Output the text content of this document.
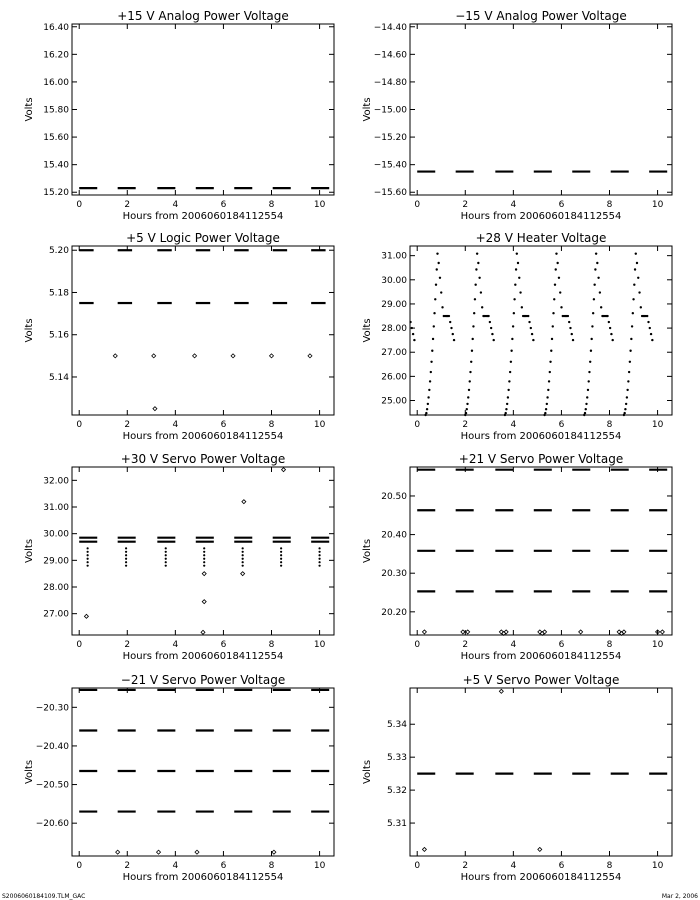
+15 V Analog Power Voltage
0	2	4	6	8	10
15.20
15.40
15.60
15.80
16.00
16.20
16.40
Hours from 2006060184112554
Volts
−15 V Analog Power Voltage
0	2	4	6	8	10
−15.60
−15.40
−15.20
−15.00
−14.80
−14.60
−14.40
Hours from 2006060184112554
Volts
+5 V Logic Power Voltage
0	2	4	6	8	10
5.14
5.16
5.18
5.20
Hours from 2006060184112554
Volts
+28 V Heater Voltage
0	2	4	6	8	10
25.00
26.00
27.00
28.00
29.00
30.00
31.00
Hours from 2006060184112554
Volts
+30 V Servo Power Voltage
0	2	4	6	8	10
27.00
28.00
29.00
30.00
31.00
32.00
Hours from 2006060184112554
Volts
+21 V Servo Power Voltage
0	2	4	6	8	10
20.20
20.30
20.40
20.50
Hours from 2006060184112554
Volts
−21 V Servo Power Voltage
0	2	4	6	8	10
−20.60
−20.50
−20.40
−20.30
Hours from 2006060184112554
Volts
+5 V Servo Power Voltage
0	2	4	6	8	10
5.31
5.32
5.33
5.34
Hours from 2006060184112554
Volts
S2006060184109.TLM_GAC	Mar 2, 2006
